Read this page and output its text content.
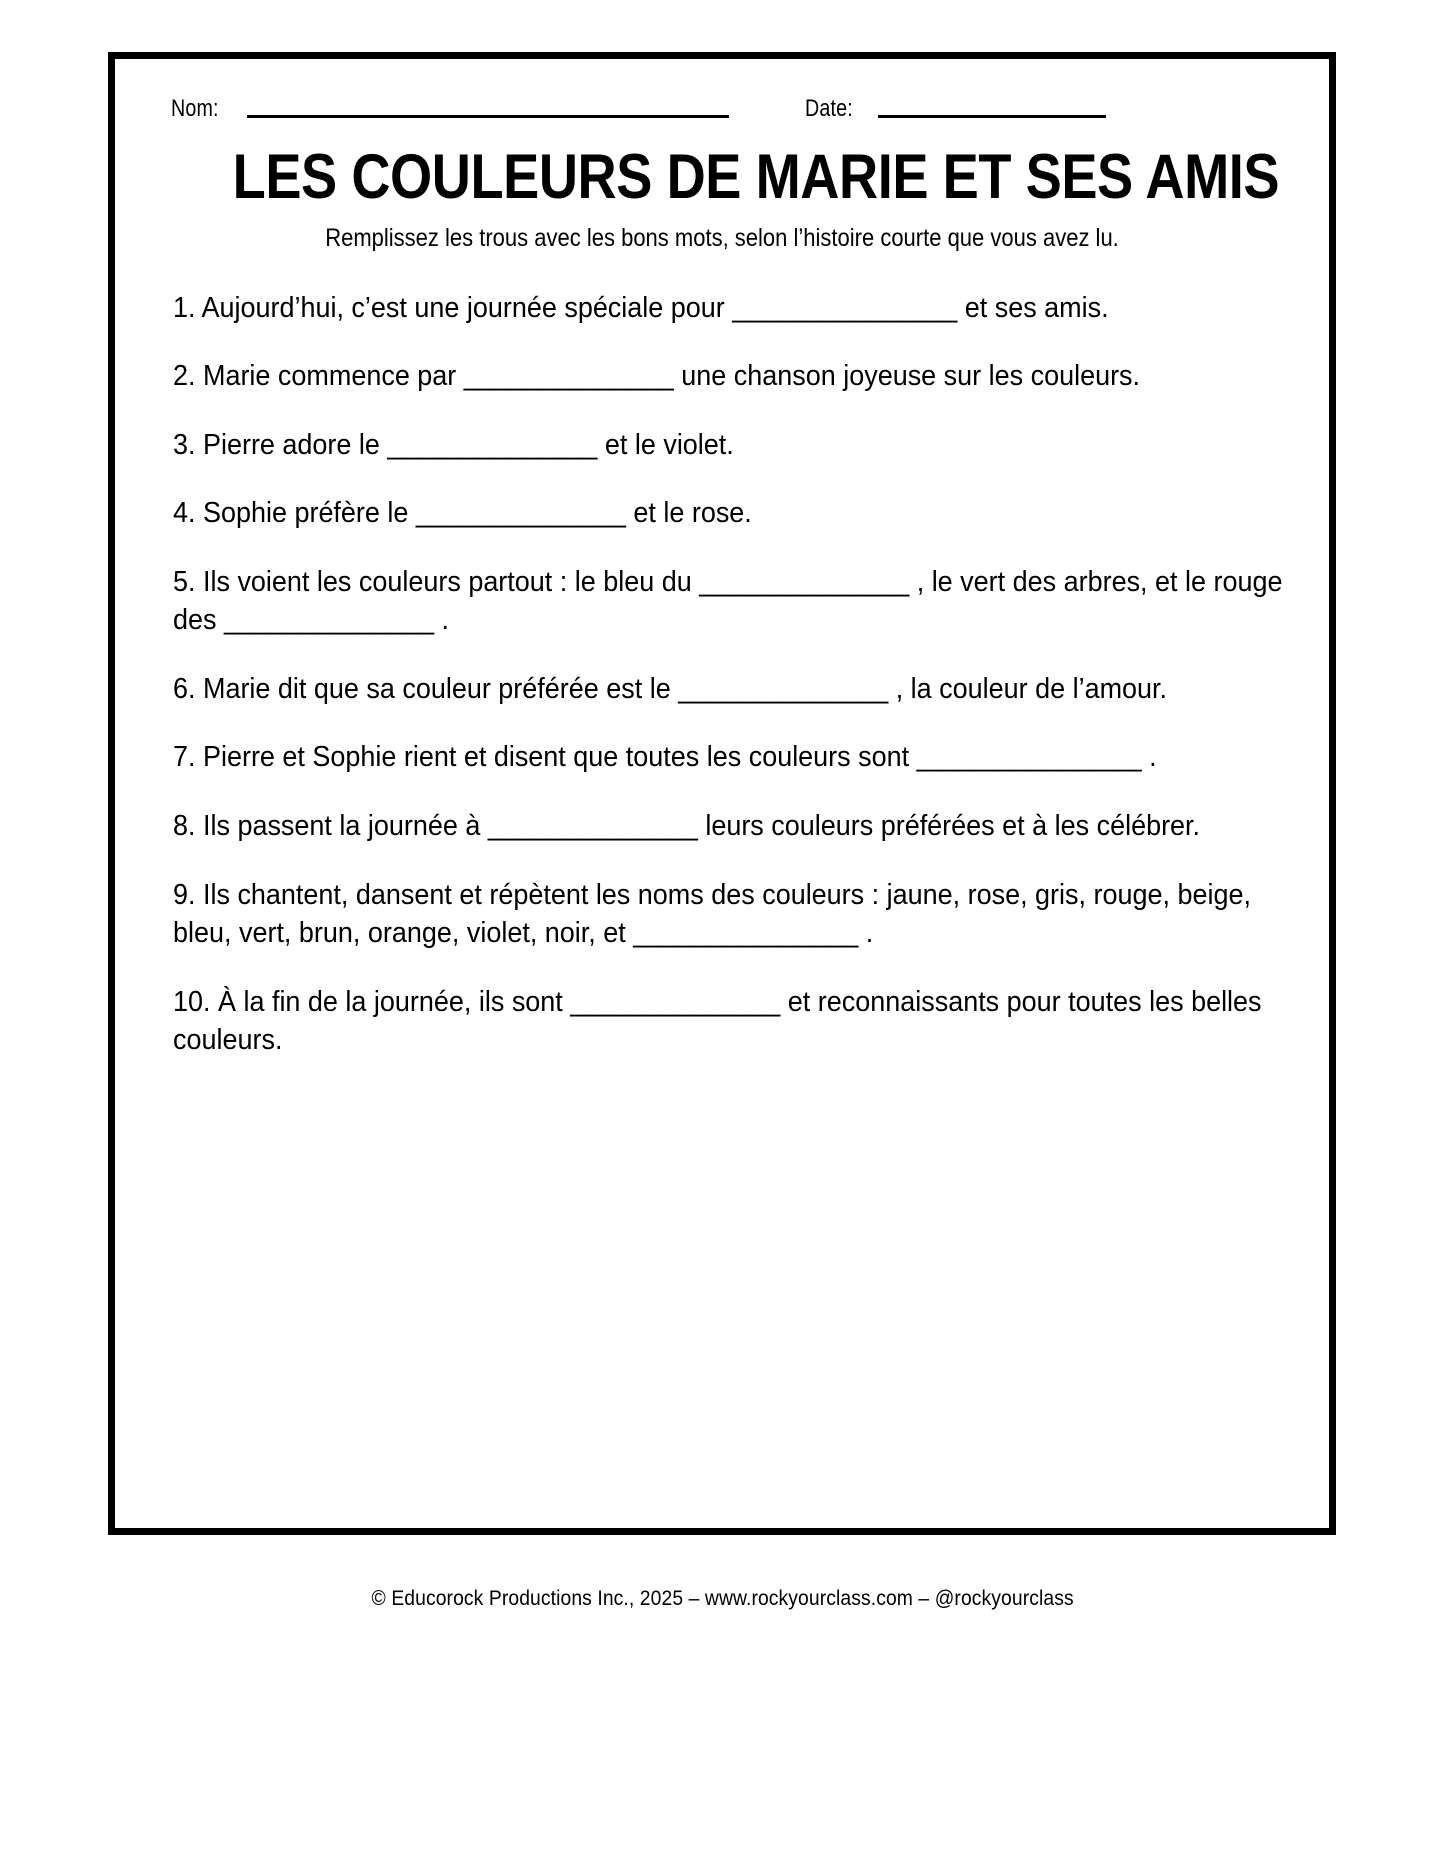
Nom:	Date:
LES COULEURS DE MARIE ET SES AMIS
Remplissez les trous avec les bons mots, selon l’histoire courte que vous avez lu.
1. Aujourd’hui, c’est une journée spéciale pour _______________ et ses amis.
2. Marie commence par ______________ une chanson joyeuse sur les couleurs.
3. Pierre adore le ______________ et le violet.
4. Sophie préfère le ______________ et le rose.
5. Ils voient les couleurs partout : le bleu du ______________ , le vert des arbres, et le rouge des ______________ .
6. Marie dit que sa couleur préférée est le ______________ , la couleur de l’amour.
7. Pierre et Sophie rient et disent que toutes les couleurs sont _______________ .
8. Ils passent la journée à ______________ leurs couleurs préférées et à les célébrer.
9. Ils chantent, dansent et répètent les noms des couleurs : jaune, rose, gris, rouge, beige, bleu, vert, brun, orange, violet, noir, et _______________ .
10. À la fin de la journée, ils sont ______________ et reconnaissants pour toutes les belles couleurs.
© Educorock Productions Inc., 2025 – www.rockyourclass.com – @rockyourclass
